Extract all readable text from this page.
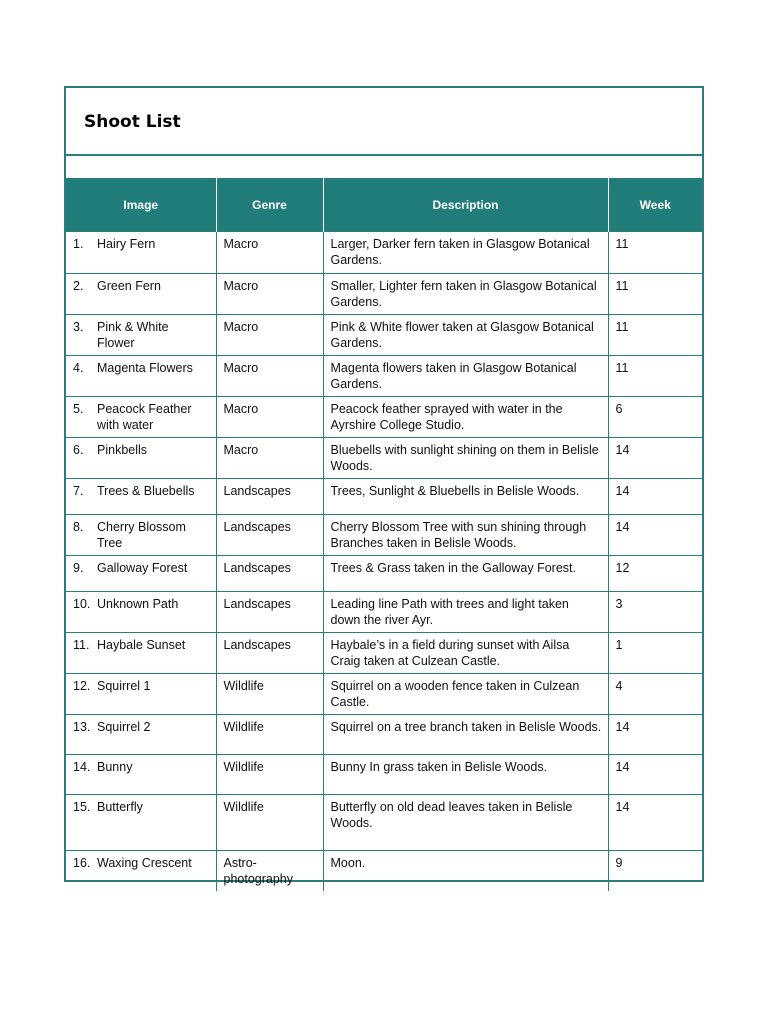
Shoot List
Image	Genre	Description	Week

1. Hairy Fern	Macro	Larger, Darker fern taken in Glasgow Botanical Gardens.	11

2. Green Fern	Macro	Smaller, Lighter fern taken in Glasgow Botanical Gardens.	11

3. Pink & White Flower	Macro	Pink & White flower taken at Glasgow Botanical Gardens.	11

4. Magenta Flowers	Macro	Magenta flowers taken in Glasgow Botanical Gardens.	11

5. Peacock Feather with water	Macro	Peacock feather sprayed with water in the Ayrshire College Studio.	6

6. Pinkbells	Macro	Bluebells with sunlight shining on them in Belisle Woods.	14

7. Trees & Bluebells	Landscapes	Trees, Sunlight & Bluebells in Belisle Woods.	14

8. Cherry Blossom Tree	Landscapes	Cherry Blossom Tree with sun shining through Branches taken in Belisle Woods.	14

9. Galloway Forest	Landscapes	Trees & Grass taken in the Galloway Forest.	12

10. Unknown Path	Landscapes	Leading line Path with trees and light taken down the river Ayr.	3

11. Haybale Sunset	Landscapes	Haybale’s in a field during sunset with Ailsa Craig taken at Culzean Castle.	1

12. Squirrel 1	Wildlife	Squirrel on a wooden fence taken in Culzean Castle.	4

13. Squirrel 2	Wildlife	Squirrel on a tree branch taken in Belisle Woods.	14

14. Bunny	Wildlife	Bunny In grass taken in Belisle Woods.	14

15. Butterfly	Wildlife	Butterfly on old dead leaves taken in Belisle Woods.	14

16. Waxing Crescent	Astro-photography	Moon.	9
